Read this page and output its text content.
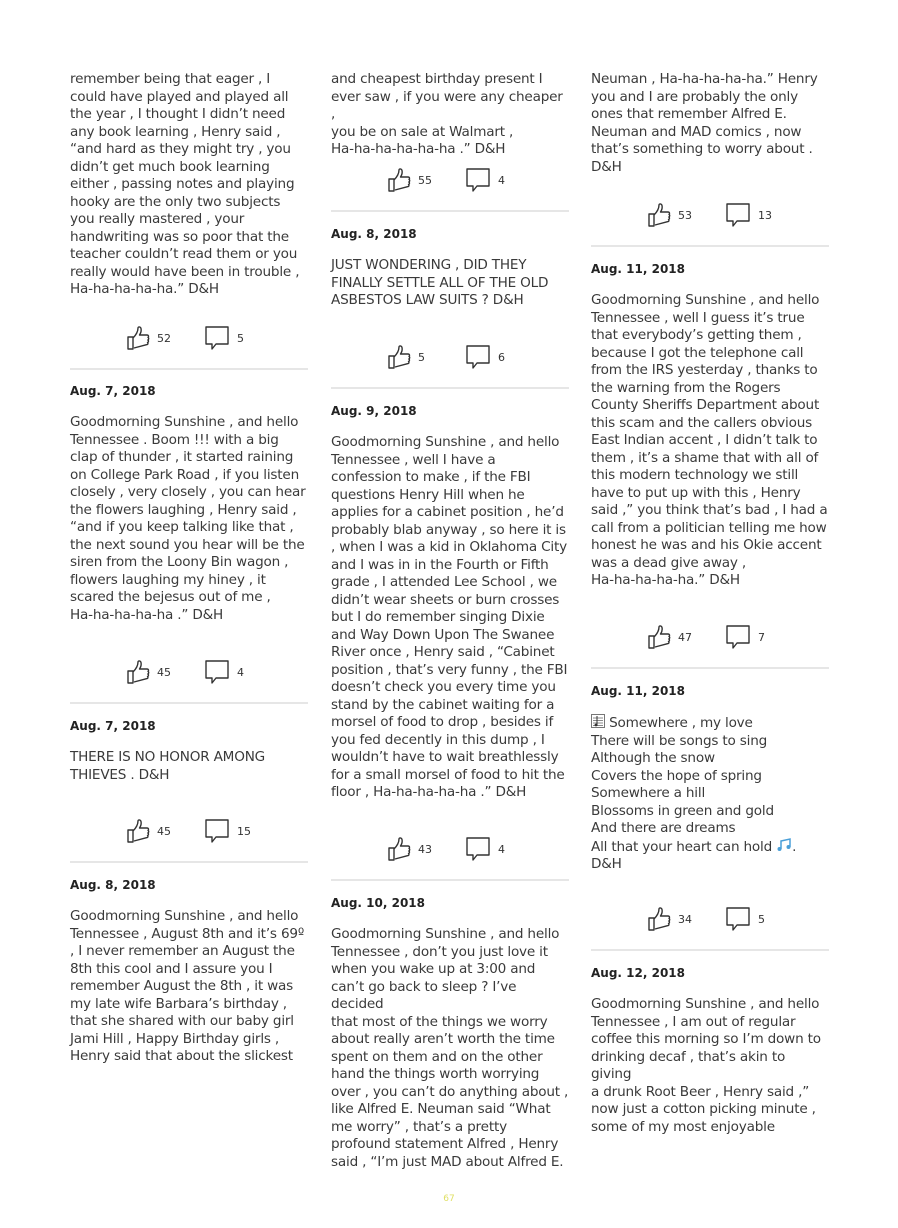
remember being that eager , I
could have played and played all
the year , I thought I didn’t need
any book learning , Henry said ,
“and hard as they might try , you
didn’t get much book learning
either , passing notes and playing
hooky are the only two subjects
you really mastered , your
handwriting was so poor that the
teacher couldn’t read them or you
really would have been in trouble ,
Ha-ha-ha-ha-ha.” D&H
52	5
Aug. 7, 2018
Goodmorning Sunshine , and hello
Tennessee . Boom !!! with a big
clap of thunder , it started raining
on College Park Road , if you listen
closely , very closely , you can hear
the flowers laughing , Henry said ,
“and if you keep talking like that ,
the next sound you hear will be the
siren from the Loony Bin wagon ,
flowers laughing my hiney , it
scared the bejesus out of me ,
Ha-ha-ha-ha-ha .” D&H
45	4
Aug. 7, 2018
THERE IS NO HONOR AMONG
THIEVES . D&H
45	15
Aug. 8, 2018
Goodmorning Sunshine , and hello
Tennessee , August 8th and it’s 69º
, I never remember an August the
8th this cool and I assure you I
remember August the 8th , it was
my late wife Barbara’s birthday ,
that she shared with our baby girl
Jami Hill , Happy Birthday girls ,
Henry said that about the slickest
and cheapest birthday present I
ever saw , if you were any cheaper ,
you be on sale at Walmart ,
Ha-ha-ha-ha-ha-ha .” D&H
55	4
Aug. 8, 2018
JUST WONDERING , DID THEY
FINALLY SETTLE ALL OF THE OLD
ASBESTOS LAW SUITS ? D&H
5	6
Aug. 9, 2018
Goodmorning Sunshine , and hello
Tennessee , well I have a
confession to make , if the FBI
questions Henry Hill when he
applies for a cabinet position , he’d
probably blab anyway , so here it is
, when I was a kid in Oklahoma City
and I was in in the Fourth or Fifth
grade , I attended Lee School , we
didn’t wear sheets or burn crosses
but I do remember singing Dixie
and Way Down Upon The Swanee
River once , Henry said , “Cabinet
position , that’s very funny , the FBI
doesn’t check you every time you
stand by the cabinet waiting for a
morsel of food to drop , besides if
you fed decently in this dump , I
wouldn’t have to wait breathlessly
for a small morsel of food to hit the
floor , Ha-ha-ha-ha-ha .” D&H
43	4
Aug. 10, 2018
Goodmorning Sunshine , and hello
Tennessee , don’t you just love it
when you wake up at 3:00 and
can’t go back to sleep ? I’ve decided
that most of the things we worry
about really aren’t worth the time
spent on them and on the other
hand the things worth worrying
over , you can’t do anything about ,
like Alfred E. Neuman said “What
me worry” , that’s a pretty
profound statement Alfred , Henry
said , “I’m just MAD about Alfred E.
Neuman , Ha-ha-ha-ha-ha.” Henry
you and I are probably the only
ones that remember Alfred E.
Neuman and MAD comics , now
that’s something to worry about .
D&H
53	13
Aug. 11, 2018
Goodmorning Sunshine , and hello
Tennessee , well I guess it’s true
that everybody’s getting them ,
because I got the telephone call
from the IRS yesterday , thanks to
the warning from the Rogers
County Sheriffs Department about
this scam and the callers obvious
East Indian accent , I didn’t talk to
them , it’s a shame that with all of
this modern technology we still
have to put up with this , Henry
said ,” you think that’s bad , I had a
call from a politician telling me how
honest he was and his Okie accent
was a dead give away ,
Ha-ha-ha-ha-ha.” D&H
47	7
Aug. 11, 2018
Somewhere , my love
There will be songs to sing
Although the snow
Covers the hope of spring
Somewhere a hill
Blossoms in green and gold
And there are dreams
All that your heart can hold .
D&H
34	5
Aug. 12, 2018
Goodmorning Sunshine , and hello
Tennessee , I am out of regular
coffee this morning so I’m down to
drinking decaf , that’s akin to giving
a drunk Root Beer , Henry said ,”
now just a cotton picking minute ,
some of my most enjoyable
67
